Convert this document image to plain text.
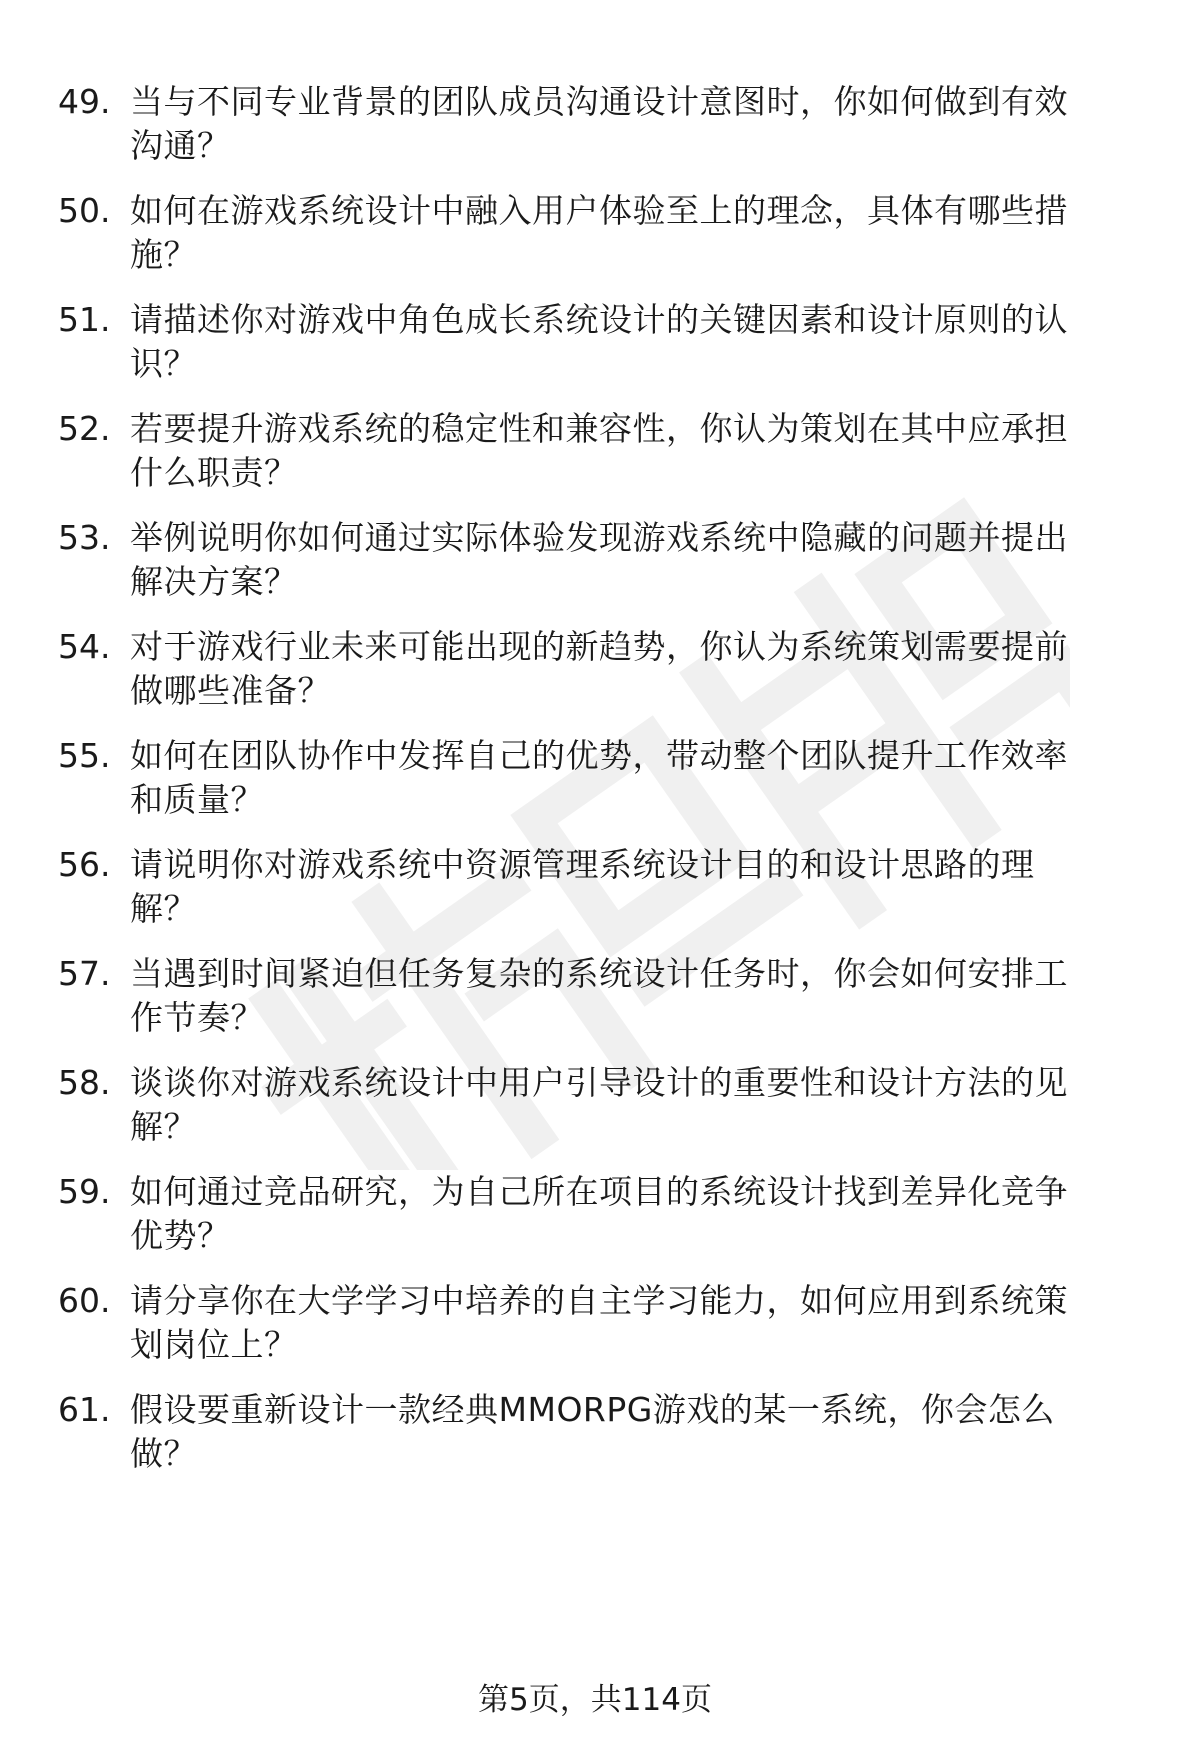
49. 当与不同专业背景的团队成员沟通设计意图时，你如何做到有效
沟通？
50. 如何在游戏系统设计中融入用户体验至上的理念，具体有哪些措
施？
51. 请描述你对游戏中角色成长系统设计的关键因素和设计原则的认
识？
52. 若要提升游戏系统的稳定性和兼容性，你认为策划在其中应承担
什么职责？
53. 举例说明你如何通过实际体验发现游戏系统中隐藏的问题并提出
解决方案？
54. 对于游戏行业未来可能出现的新趋势，你认为系统策划需要提前
做哪些准备？
55. 如何在团队协作中发挥自己的优势，带动整个团队提升工作效率
和质量？
56. 请说明你对游戏系统中资源管理系统设计目的和设计思路的理
解？
57. 当遇到时间紧迫但任务复杂的系统设计任务时，你会如何安排工
作节奏？
58. 谈谈你对游戏系统设计中用户引导设计的重要性和设计方法的见
解？
59. 如何通过竞品研究，为自己所在项目的系统设计找到差异化竞争
优势？
60. 请分享你在大学学习中培养的自主学习能力，如何应用到系统策
划岗位上？
61. 假设要重新设计一款经典MMORPG游戏的某一系统，你会怎么
做？
第5页，共114页
